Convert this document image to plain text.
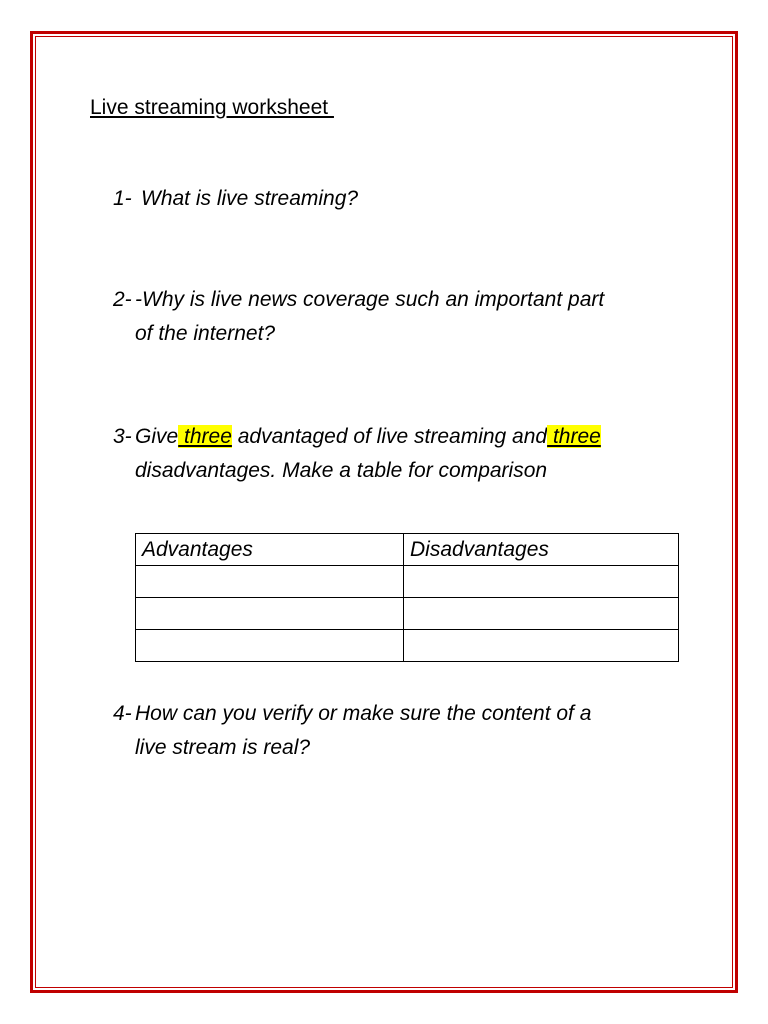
Live streaming worksheet
1- What is live streaming?
2- -Why is live news coverage such an important part
of the internet?
3- Give three advantaged of live streaming and three
disadvantages. Make a table for comparison
Advantages	Disadvantages

4- How can you verify or make sure the content of a
live stream is real?
